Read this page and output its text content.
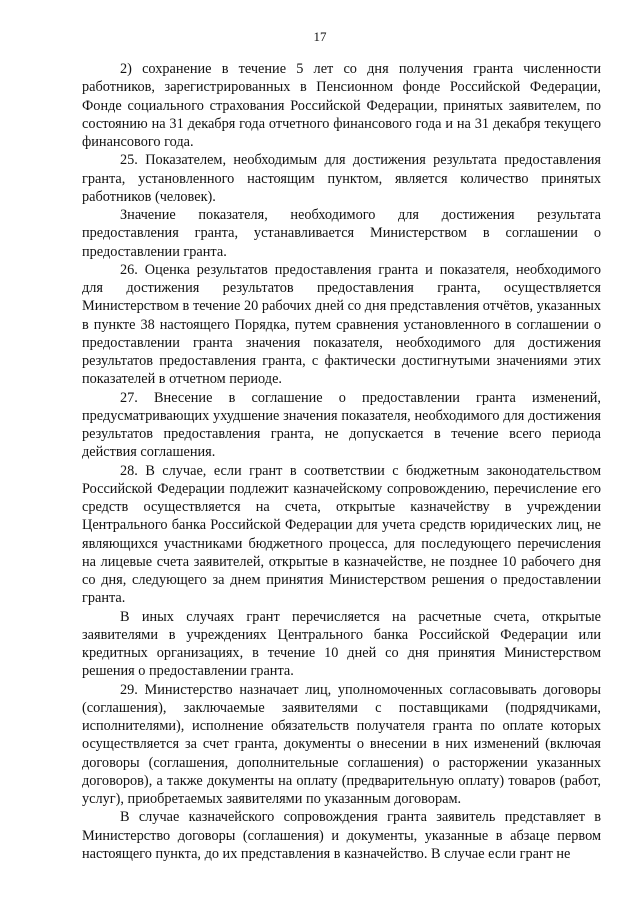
17

2) сохранение в течение 5 лет со дня получения гранта численности работников, зарегистрированных в Пенсионном фонде Российской Федерации, Фонде социального страхования Российской Федерации, принятых заявителем, по состоянию на 31 декабря года отчетного финансового года и на 31 декабря текущего финансового года.

25. Показателем, необходимым для достижения результата предоставления гранта, установленного настоящим пунктом, является количество принятых работников (человек).

Значение показателя, необходимого для достижения результата предоставления гранта, устанавливается Министерством в соглашении о предоставлении гранта.

26. Оценка результатов предоставления гранта и показателя, необходимого для достижения результатов предоставления гранта, осуществляется Министерством в течение 20 рабочих дней со дня представления отчётов, указанных в пункте 38 настоящего Порядка, путем сравнения установленного в соглашении о предоставлении гранта значения показателя, необходимого для достижения результатов предоставления гранта, с фактически достигнутыми значениями этих показателей в отчетном периоде.

27. Внесение в соглашение о предоставлении гранта изменений, предусматривающих ухудшение значения показателя, необходимого для достижения результатов предоставления гранта, не допускается в течение всего периода действия соглашения.

28. В случае, если грант в соответствии с бюджетным законодательством Российской Федерации подлежит казначейскому сопровождению, перечисление его средств осуществляется на счета, открытые казначейству в учреждении Центрального банка Российской Федерации для учета средств юридических лиц, не являющихся участниками бюджетного процесса, для последующего перечисления на лицевые счета заявителей, открытые в казначействе, не позднее 10 рабочего дня со дня, следующего за днем принятия Министерством решения о предоставлении гранта.

В иных случаях грант перечисляется на расчетные счета, открытые заявителями в учреждениях Центрального банка Российской Федерации или кредитных организациях, в течение 10 дней со дня принятия Министерством решения о предоставлении гранта.

29. Министерство назначает лиц, уполномоченных согласовывать договоры (соглашения), заключаемые заявителями с поставщиками (подрядчиками, исполнителями), исполнение обязательств получателя гранта по оплате которых осуществляется за счет гранта, документы о внесении в них изменений (включая договоры (соглашения, дополнительные соглашения) о расторжении указанных договоров), а также документы на оплату (предварительную оплату) товаров (работ, услуг), приобретаемых заявителями по указанным договорам.

В случае казначейского сопровождения гранта заявитель представляет в Министерство договоры (соглашения) и документы, указанные в абзаце первом настоящего пункта, до их представления в казначейство. В случае если грант не
